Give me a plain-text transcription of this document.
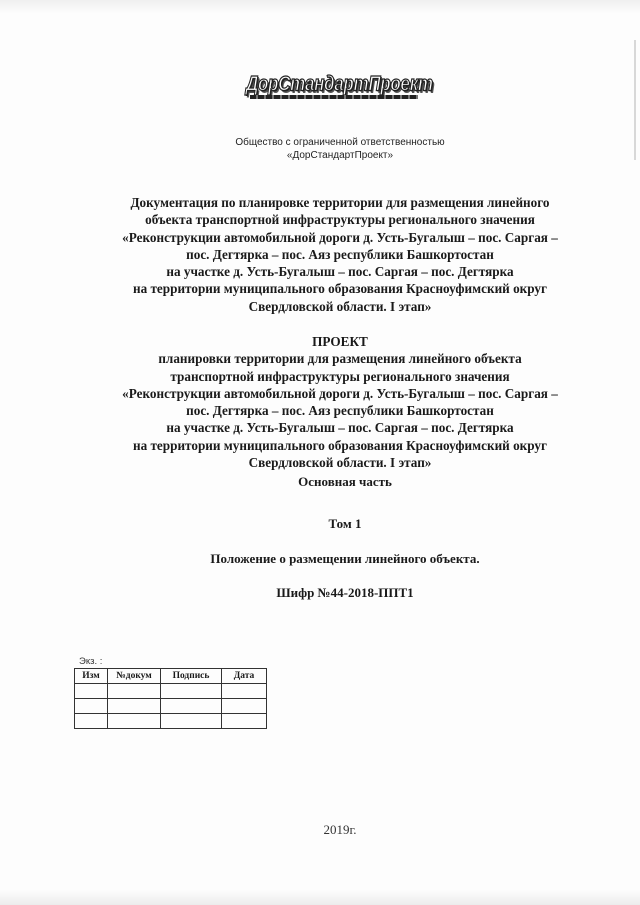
ДорСтандартПроект
Общество с ограниченной ответственностью
«ДорСтандартПроект»
Документация по планировке территории для размещения линейного
объекта транспортной инфраструктуры регионального значения
«Реконструкции автомобильной дороги д. Усть-Бугалыш – пос. Саргая –
пос. Дегтярка – пос. Аяз республики Башкортостан
на участке д. Усть-Бугалыш – пос. Саргая – пос. Дегтярка
на территории муниципального образования Красноуфимский округ
Свердловской области. I этап»
ПРОЕКТ
планировки территории для размещения линейного объекта
транспортной инфраструктуры регионального значения
«Реконструкции автомобильной дороги д. Усть-Бугалыш – пос. Саргая –
пос. Дегтярка – пос. Аяз республики Башкортостан
на участке д. Усть-Бугалыш – пос. Саргая – пос. Дегтярка
на территории муниципального образования Красноуфимский округ
Свердловской области. I этап»
Основная часть
Том 1
Положение о размещении линейного объекта.
Шифр №44-2018-ППТ1
Экз. :
Изм	№докум	Подпись	Дата

2019г.
